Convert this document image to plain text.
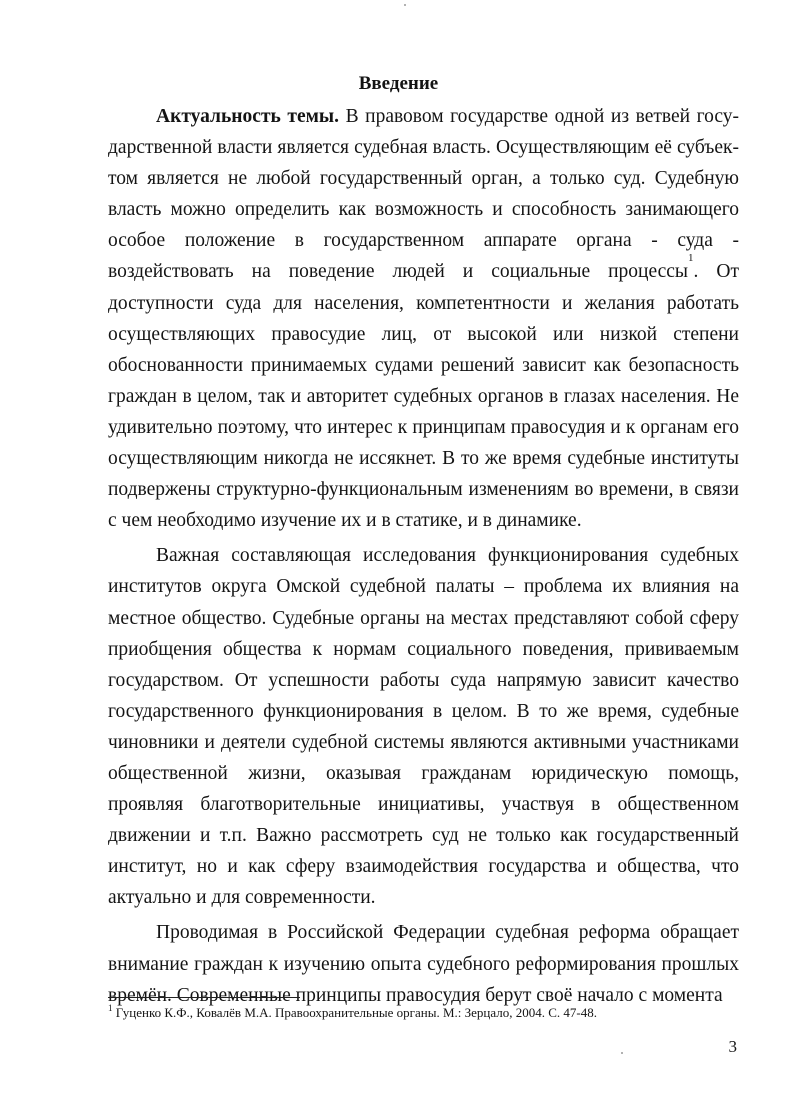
Введение

Актуальность темы. В правовом государстве одной из ветвей государственной власти является судебная власть. Осуществляющим её субъектом является не любой государственный орган, а только суд. Судебную власть можно определить как возможность и способность занимающего особое положение в государственном аппарате органа - суда - воздействовать на поведение людей и социальные процессы$^1$. От доступности суда для населения, компетентности и желания работать осуществляющих правосудие лиц, от высокой или низкой степени обоснованности принимаемых судами решений зависит как безопасность граждан в целом, так и авторитет судебных органов в глазах населения. Не удивительно поэтому, что интерес к принципам правосудия и к органам его осуществляющим никогда не иссякнет. В то же время судебные институты подвержены структурно-функциональным изменениям во времени, в связи с чем необходимо изучение их и в статике, и в динамике.

Важная составляющая исследования функционирования судебных институтов округа Омской судебной палаты – проблема их влияния на местное общество. Судебные органы на местах представляют собой сферу приобщения общества к нормам социального поведения, прививаемым государством. От успешности работы суда напрямую зависит качество государственного функционирования в целом. В то же время, судебные чиновники и деятели судебной системы являются активными участниками общественной жизни, оказывая гражданам юридическую помощь, проявляя благотворительные инициативы, участвуя в общественном движении и т.п. Важно рассмотреть суд не только как государственный институт, но и как сферу взаимодействия государства и общества, что актуально и для современности.

Проводимая в Российской Федерации судебная реформа обращает внимание граждан к изучению опыта судебного реформирования прошлых времён. Современные принципы правосудия берут своё начало с момента

$^1$ Гуценко К.Ф., Ковалёв М.А. Правоохранительные органы. М.: Зерцало, 2004. С. 47-48.
3
